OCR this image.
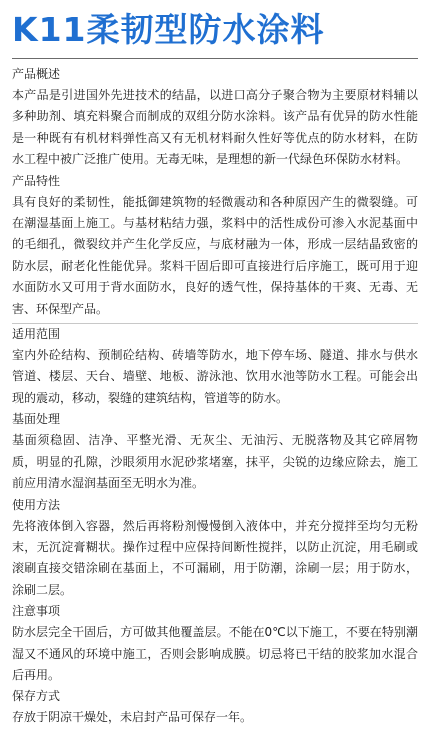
K11柔韧型防水涂料

产品概述

本产品是引进国外先进技术的结晶，以进口高分子聚合物为主要原材料辅以多种助剂、填充料聚合而制成的双组分防水涂料。该产品有优异的防水性能是一种既有有机材料弹性高又有无机材料耐久性好等优点的防水材料，在防水工程中被广泛推广使用。无毒无味，是理想的新一代绿色环保防水材料。

产品特性

具有良好的柔韧性，能抵御建筑物的轻微震动和各种原因产生的微裂缝。可在潮湿基面上施工。与基材粘结力强，浆料中的活性成份可渗入水泥基面中的毛细孔，微裂纹并产生化学反应，与底材融为一体，形成一层结晶致密的防水层，耐老化性能优异。浆料干固后即可直接进行后序施工，既可用于迎水面防水又可用于背水面防水，良好的透气性，保持基体的干爽、无毒、无害、环保型产品。

适用范围

室内外砼结构、预制砼结构、砖墙等防水，地下停车场、隧道、排水与供水管道、楼层、天台、墙壁、地板、游泳池、饮用水池等防水工程。可能会出现的震动，移动，裂缝的建筑结构，管道等的防水。

基面处理

基面须稳固、洁净、平整光滑、无灰尘、无油污、无脱落物及其它碎屑物质，明显的孔隙，沙眼须用水泥砂浆堵塞，抹平，尖锐的边缘应除去，施工前应用清水湿润基面至无明水为准。

使用方法

先将液体倒入容器，然后再将粉剂慢慢倒入液体中，并充分搅拌至均匀无粉末，无沉淀膏糊状。操作过程中应保持间断性搅拌，以防止沉淀，用毛刷或滚刷直接交错涂刷在基面上，不可漏刷，用于防潮，涂刷一层；用于防水，涂刷二层。

注意事项

防水层完全干固后，方可做其他覆盖层。不能在0℃以下施工，不要在特别潮湿又不通风的环境中施工，否则会影响成膜。切忌将已干结的胶浆加水混合后再用。

保存方式

存放于阴凉干燥处，未启封产品可保存一年。
